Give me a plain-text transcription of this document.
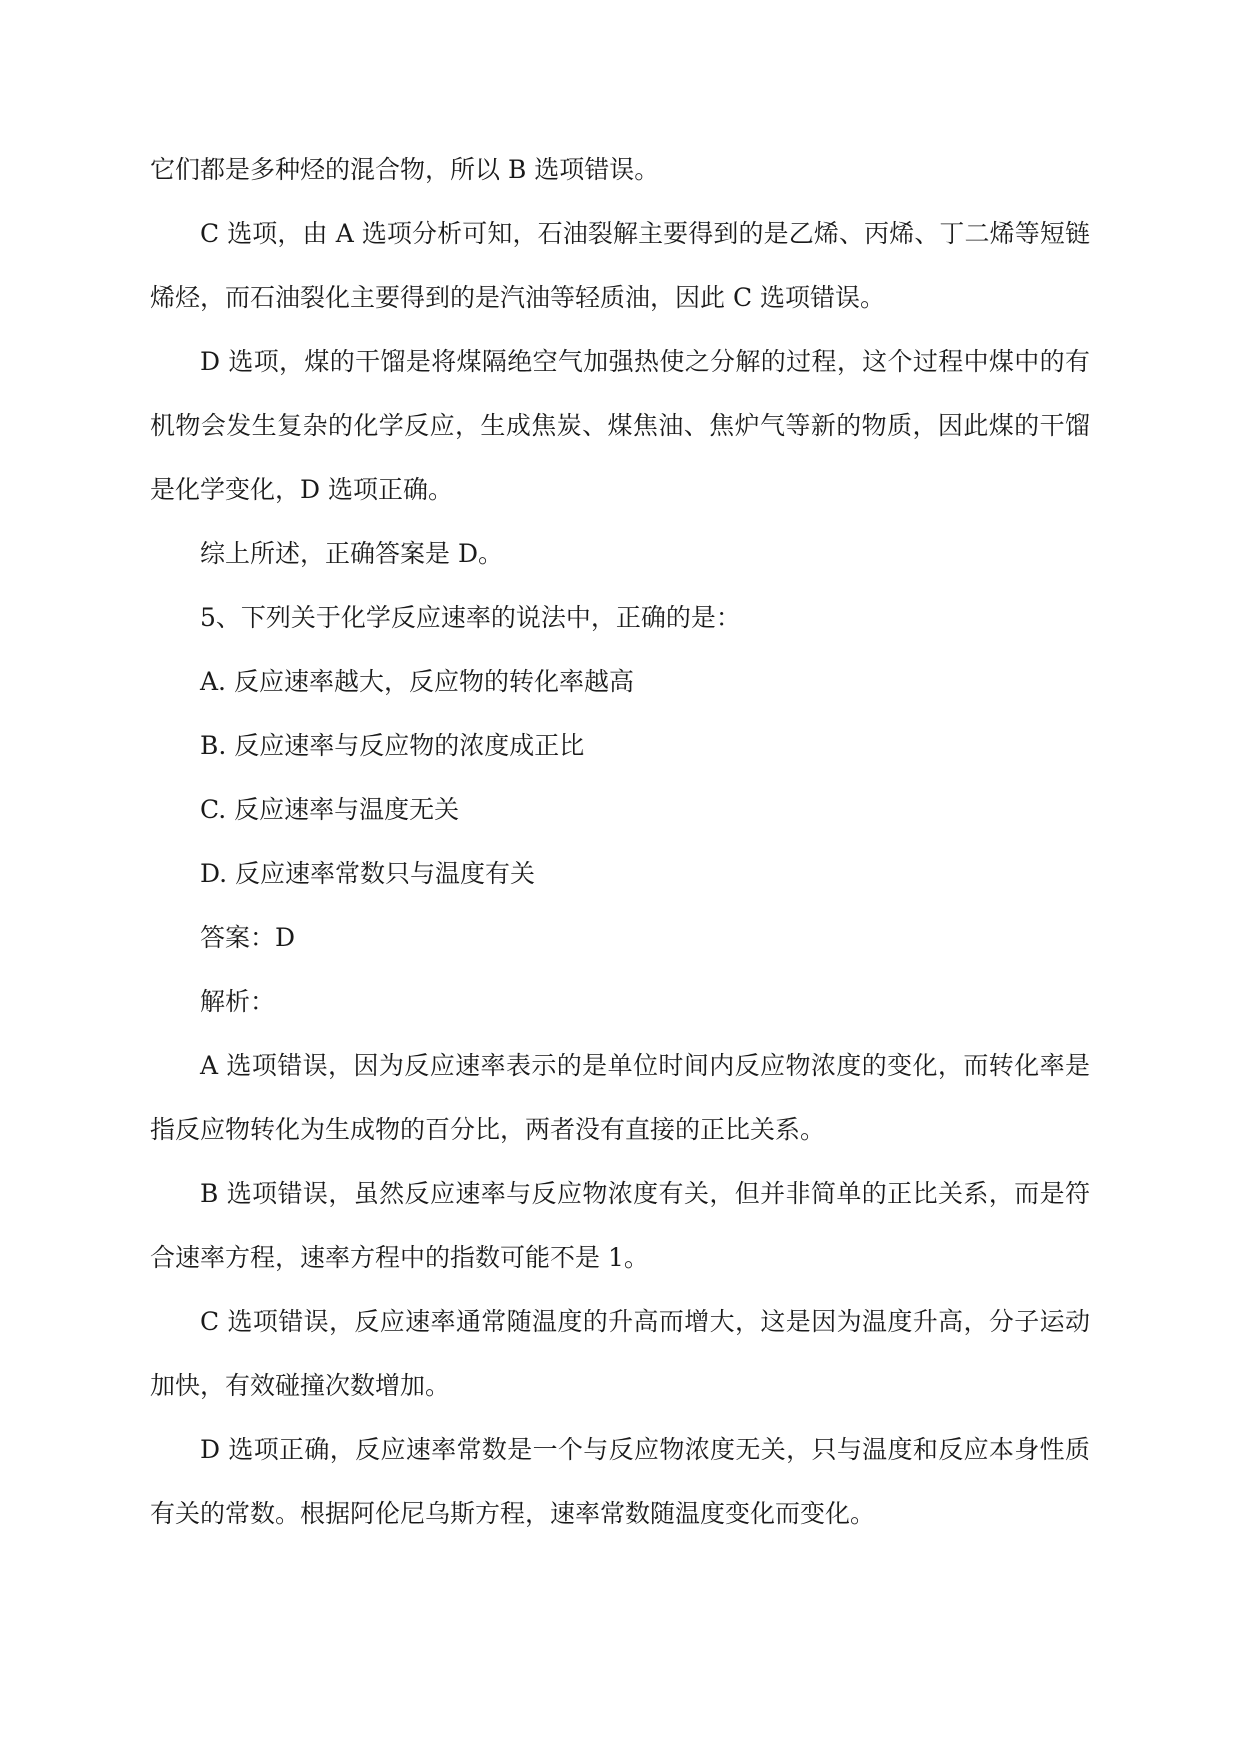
它们都是多种烃的混合物，所以 B 选项错误。

C 选项，由 A 选项分析可知，石油裂解主要得到的是乙烯、丙烯、丁二烯等短链烯烃，而石油裂化主要得到的是汽油等轻质油，因此 C 选项错误。

D 选项，煤的干馏是将煤隔绝空气加强热使之分解的过程，这个过程中煤中的有机物会发生复杂的化学反应，生成焦炭、煤焦油、焦炉气等新的物质，因此煤的干馏是化学变化，D 选项正确。

综上所述，正确答案是 D。

5、下列关于化学反应速率的说法中，正确的是：

A. 反应速率越大，反应物的转化率越高

B. 反应速率与反应物的浓度成正比

C. 反应速率与温度无关

D. 反应速率常数只与温度有关

答案：D

解析：

A 选项错误，因为反应速率表示的是单位时间内反应物浓度的变化，而转化率是指反应物转化为生成物的百分比，两者没有直接的正比关系。

B 选项错误，虽然反应速率与反应物浓度有关，但并非简单的正比关系，而是符合速率方程，速率方程中的指数可能不是 1。

C 选项错误，反应速率通常随温度的升高而增大，这是因为温度升高，分子运动加快，有效碰撞次数增加。

D 选项正确，反应速率常数是一个与反应物浓度无关，只与温度和反应本身性质有关的常数。根据阿伦尼乌斯方程，速率常数随温度变化而变化。
